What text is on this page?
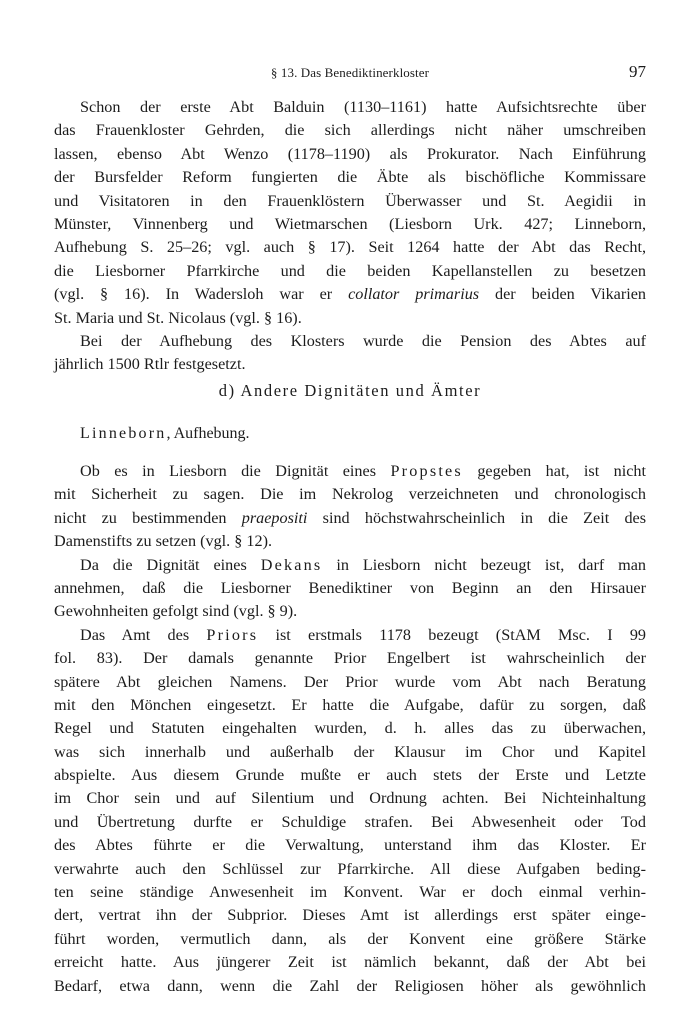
§ 13. Das Benediktinerkloster	97
Schon der erste Abt Balduin (1130–1161) hatte Aufsichtsrechte über
das Frauenkloster Gehrden, die sich allerdings nicht näher umschreiben
lassen, ebenso Abt Wenzo (1178–1190) als Prokurator. Nach Einführung
der Bursfelder Reform fungierten die Äbte als bischöfliche Kommissare
und Visitatoren in den Frauenklöstern Überwasser und St. Aegidii in
Münster, Vinnenberg und Wietmarschen (Liesborn Urk. 427; Linneborn,
Aufhebung S. 25–26; vgl. auch § 17). Seit 1264 hatte der Abt das Recht,
die Liesborner Pfarrkirche und die beiden Kapellanstellen zu besetzen
(vgl. § 16). In Wadersloh war er collator primarius der beiden Vikarien
St. Maria und St. Nicolaus (vgl. § 16).
Bei der Aufhebung des Klosters wurde die Pension des Abtes auf
jährlich 1500 Rtlr festgesetzt.
d) Andere Dignitäten und Ämter
Linneborn, Aufhebung.
Ob es in Liesborn die Dignität eines Propstes gegeben hat, ist nicht
mit Sicherheit zu sagen. Die im Nekrolog verzeichneten und chronologisch
nicht zu bestimmenden praepositi sind höchstwahrscheinlich in die Zeit des
Damenstifts zu setzen (vgl. § 12).
Da die Dignität eines Dekans in Liesborn nicht bezeugt ist, darf man
annehmen, daß die Liesborner Benediktiner von Beginn an den Hirsauer
Gewohnheiten gefolgt sind (vgl. § 9).
Das Amt des Priors ist erstmals 1178 bezeugt (StAM Msc. I 99
fol. 83). Der damals genannte Prior Engelbert ist wahrscheinlich der
spätere Abt gleichen Namens. Der Prior wurde vom Abt nach Beratung
mit den Mönchen eingesetzt. Er hatte die Aufgabe, dafür zu sorgen, daß
Regel und Statuten eingehalten wurden, d. h. alles das zu überwachen,
was sich innerhalb und außerhalb der Klausur im Chor und Kapitel
abspielte. Aus diesem Grunde mußte er auch stets der Erste und Letzte
im Chor sein und auf Silentium und Ordnung achten. Bei Nichteinhaltung
und Übertretung durfte er Schuldige strafen. Bei Abwesenheit oder Tod
des Abtes führte er die Verwaltung, unterstand ihm das Kloster. Er
verwahrte auch den Schlüssel zur Pfarrkirche. All diese Aufgaben beding-
ten seine ständige Anwesenheit im Konvent. War er doch einmal verhin-
dert, vertrat ihn der Subprior. Dieses Amt ist allerdings erst später einge-
führt worden, vermutlich dann, als der Konvent eine größere Stärke
erreicht hatte. Aus jüngerer Zeit ist nämlich bekannt, daß der Abt bei
Bedarf, etwa dann, wenn die Zahl der Religiosen höher als gewöhnlich
